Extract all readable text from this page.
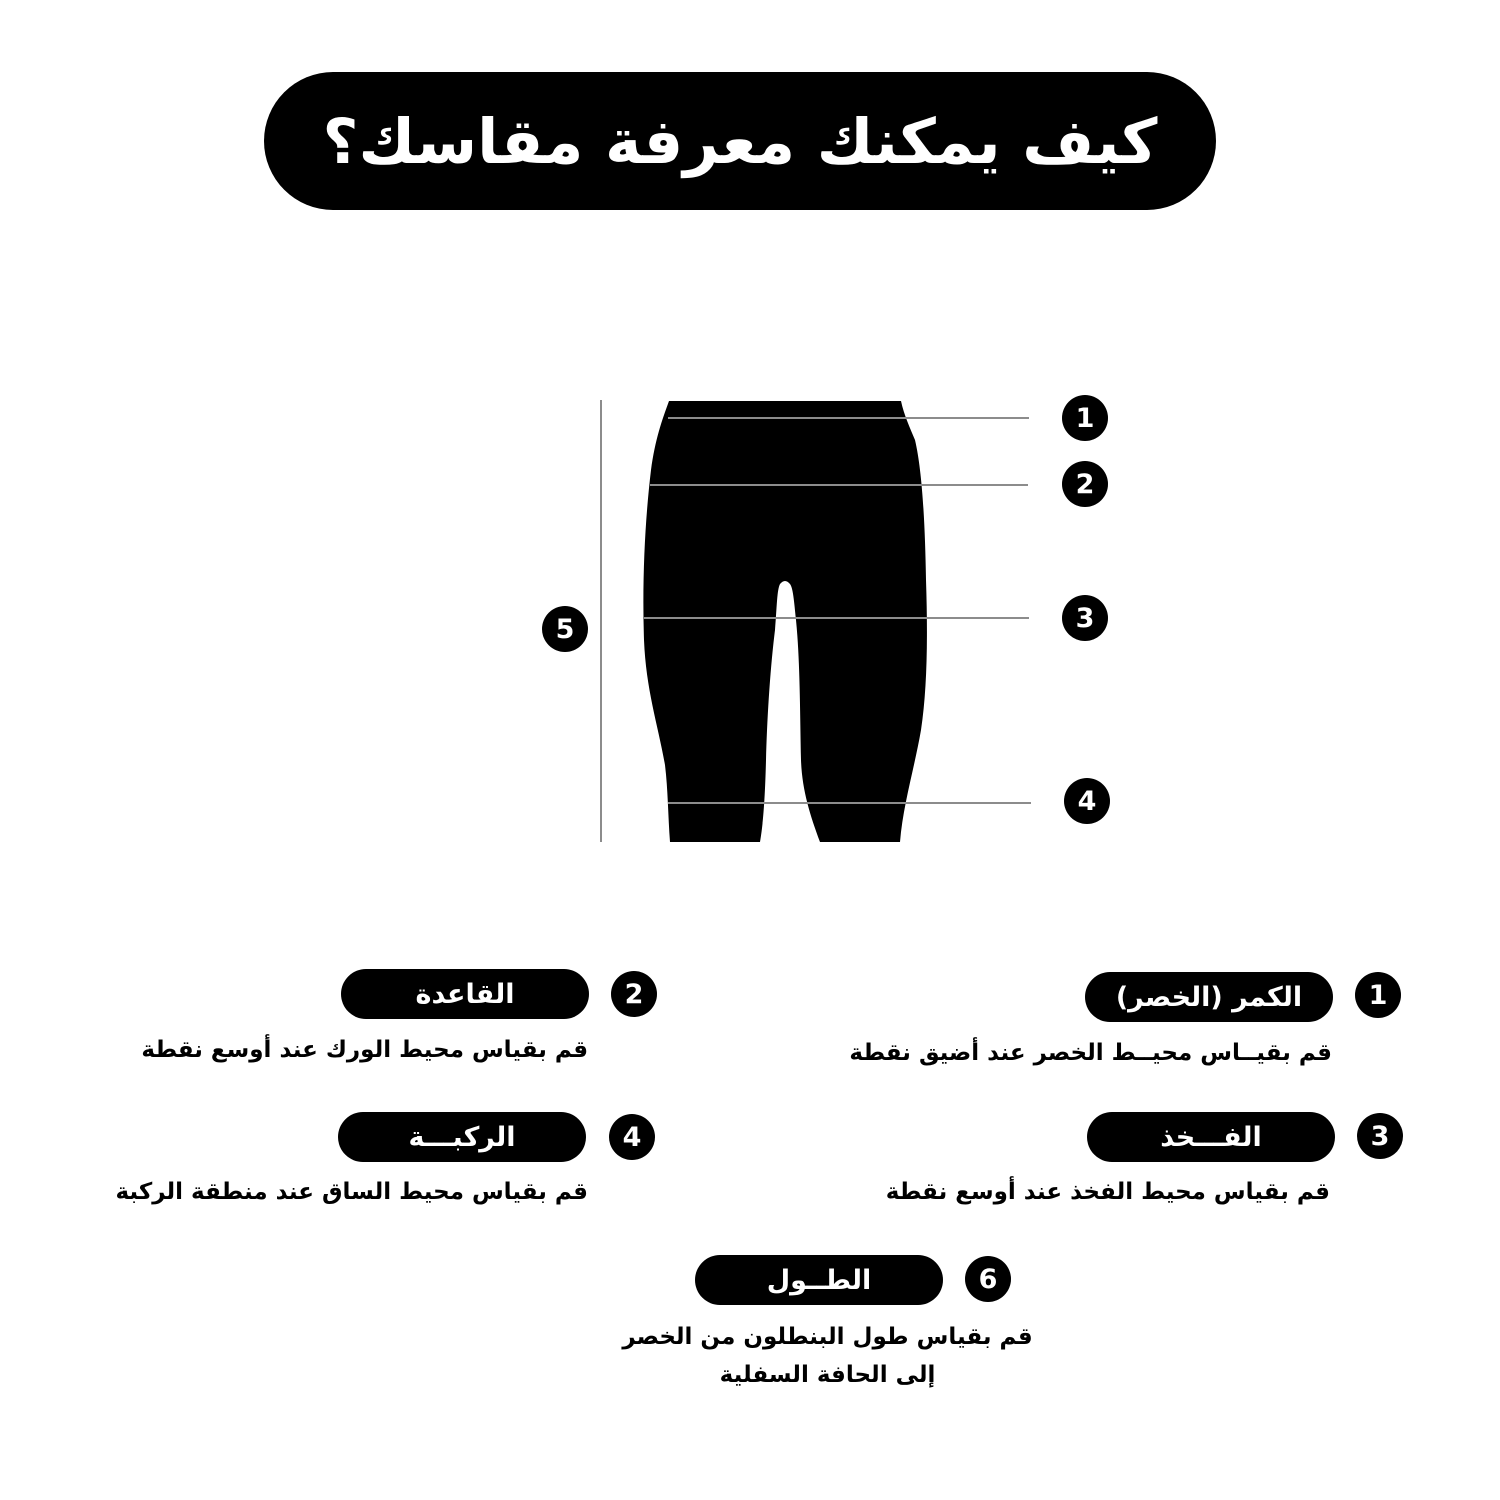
كيف يمكنك معرفة مقاسك؟
1
2
3
4
5
1
الكمر (الخصر)
قم بقيــاس محيــط الخصر عند أضيق نقطة
2
القاعدة
قم بقياس محيط الورك عند أوسع نقطة
3
الفـــخذ
قم بقياس محيط الفخذ عند أوسع نقطة
4
الركبـــة
قم بقياس محيط الساق عند منطقة الركبة
6
الطــول
قم بقياس طول البنطلون من الخصر
إلى الحافة السفلية
